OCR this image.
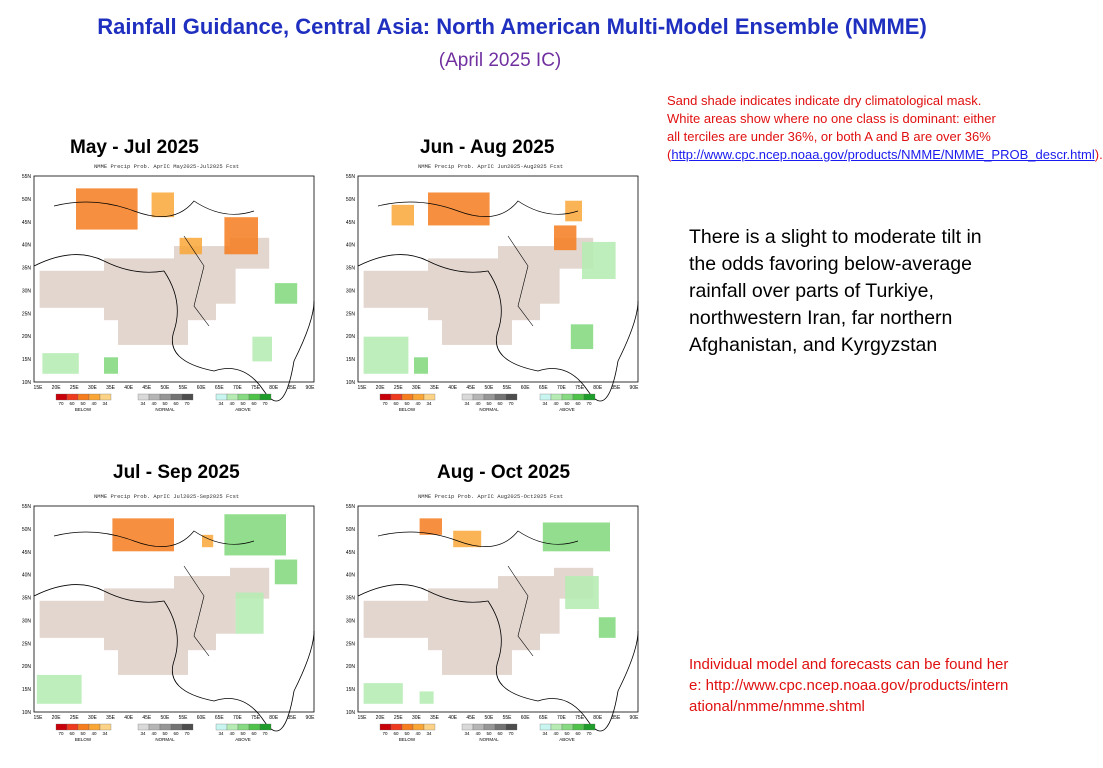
Rainfall Guidance, Central Asia: North American Multi-Model Ensemble (NMME)
(April 2025 IC)
Sand shade indicates indicate dry climatological mask. White areas show where no one class is dominant: either all terciles are under 36%, or both A and B are over 36% (http://www.cpc.ncep.noaa.gov/products/NMME/NMME_PROB_descr.html).
There is a slight to moderate tilt in the odds favoring below-average rainfall over parts of Turkiye, northwestern Iran, far northern Afghanistan, and Kyrgyzstan
Individual model and forecasts can be found here: http://www.cpc.ncep.noaa.gov/products/international/nmme/nmme.shtml
May - Jul 2025	Jun - Aug 2025
Jul - Sep 2025	Aug - Oct 2025
NMME Precip Prob. AprIC May2025-Jul2025 Fcst
55N
50N
45N
40N
35N
30N
25N
20N
15N
10N
15E 20E 25E 30E 35E 40E 45E 50E 55E 60E 65E 70E 75E 80E 85E 90E
70 60 50 40 34
BELOW
34 40 50 60 70
NORMAL
34 40 50 60 70
ABOVE
NMME Precip Prob. AprIC Jun2025-Aug2025 Fcst
55N
50N
45N
40N
35N
30N
25N
20N
15N
10N
15E 20E 25E 30E 35E 40E 45E 50E 55E 60E 65E 70E 75E 80E 85E 90E
70 60 50 40 34
BELOW
34 40 50 60 70
NORMAL
34 40 50 60 70
ABOVE
NMME Precip Prob. AprIC Jul2025-Sep2025 Fcst
55N
50N
45N
40N
35N
30N
25N
20N
15N
10N
15E 20E 25E 30E 35E 40E 45E 50E 55E 60E 65E 70E 75E 80E 85E 90E
70 60 50 40 34
BELOW
34 40 50 60 70
NORMAL
34 40 50 60 70
ABOVE
NMME Precip Prob. AprIC Aug2025-Oct2025 Fcst
55N
50N
45N
40N
35N
30N
25N
20N
15N
10N
15E 20E 25E 30E 35E 40E 45E 50E 55E 60E 65E 70E 75E 80E 85E 90E
70 60 50 40 34
BELOW
34 40 50 60 70
NORMAL
34 40 50 60 70
ABOVE
